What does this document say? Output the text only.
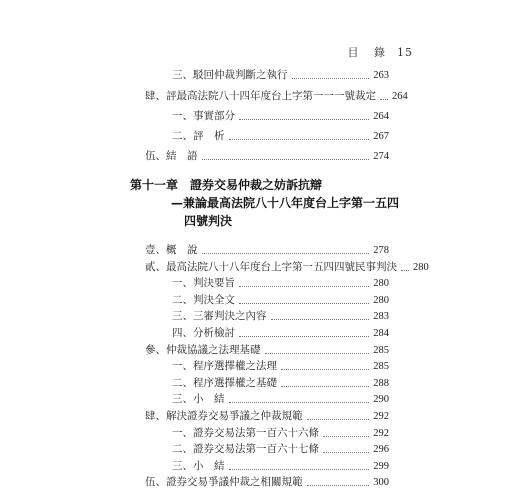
目 錄 15
三、駁回仲裁判斷之執行	263
肆、評最高法院八十四年度台上字第一一一號裁定 264
一、事實部分	264
二、評　析	267
伍、結　語	274
第十一章 證券交易仲裁之妨訴抗辯
—兼論最高法院八十八年度台上字第一五四
四號判決
壹、概　說	278
貳、最高法院八十八年度台上字第一五四四號民事判決 280
一、判決要旨	280
二、判決全文	280
三、三審判決之內容	283
四、分析檢討	284
參、仲裁協議之法理基礎	285
一、程序選擇權之法理	285
二、程序選擇權之基礎	288
三、小　結	290
肆、解決證券交易爭議之仲裁規範	292
一、證券交易法第一百六十六條	292
二、證券交易法第一百六十七條	296
三、小　結	299
伍、證券交易爭議仲裁之相關規範	300
